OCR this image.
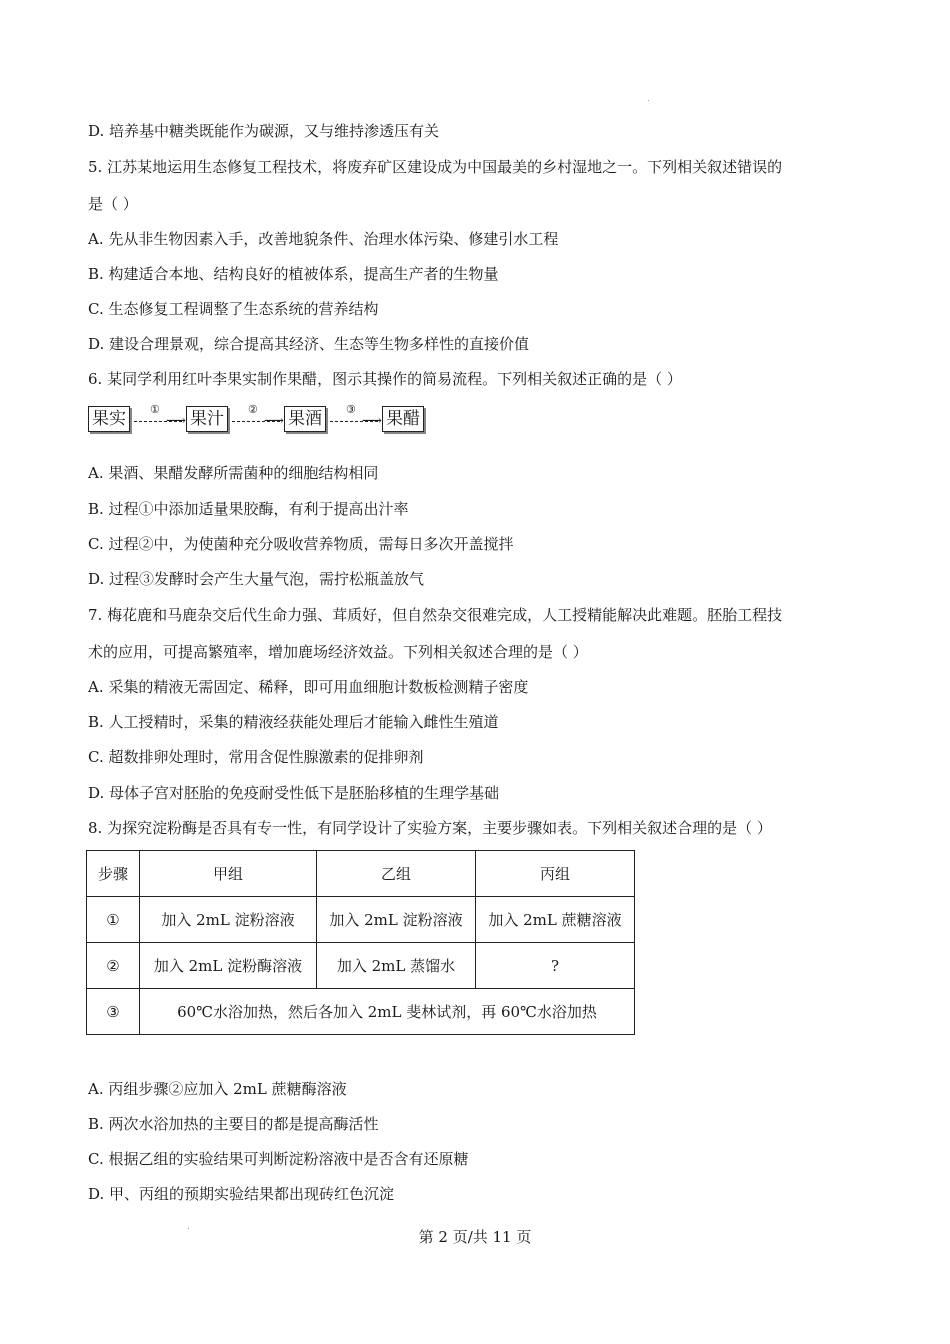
D. 培养基中糖类既能作为碳源，又与维持渗透压有关
5. 江苏某地运用生态修复工程技术，将废弃矿区建设成为中国最美的乡村湿地之一。下列相关叙述错误的
是（ ）
A. 先从非生物因素入手，改善地貌条件、治理水体污染、修建引水工程
B. 构建适合本地、结构良好的植被体系，提高生产者的生物量
C. 生态修复工程调整了生态系统的营养结构
D. 建设合理景观，综合提高其经济、生态等生物多样性的直接价值
6. 某同学利用红叶李果实制作果醋，图示其操作的简易流程。下列相关叙述正确的是（ ）
A. 果酒、果醋发酵所需菌种的细胞结构相同
B. 过程①中添加适量果胶酶，有利于提高出汁率
C. 过程②中，为使菌种充分吸收营养物质，需每日多次开盖搅拌
D. 过程③发酵时会产生大量气泡，需拧松瓶盖放气
7. 梅花鹿和马鹿杂交后代生命力强、茸质好，但自然杂交很难完成，人工授精能解决此难题。胚胎工程技
术的应用，可提高繁殖率，增加鹿场经济效益。下列相关叙述合理的是（ ）
A. 采集的精液无需固定、稀释，即可用血细胞计数板检测精子密度
B. 人工授精时，采集的精液经获能处理后才能输入雌性生殖道
C. 超数排卵处理时，常用含促性腺激素的促排卵剂
D. 母体子宫对胚胎的免疫耐受性低下是胚胎移植的生理学基础
8. 为探究淀粉酶是否具有专一性，有同学设计了实验方案，主要步骤如表。下列相关叙述合理的是（ ）
A. 丙组步骤②应加入 2mL 蔗糖酶溶液
B. 两次水浴加热的主要目的都是提高酶活性
C. 根据乙组的实验结果可判断淀粉溶液中是否含有还原糖
D. 甲、丙组的预期实验结果都出现砖红色沉淀
果实	①
⟶ 果汁	②
⟶ 果酒	③
⟶ 果醋
步骤	甲组	乙组	丙组
①	加入 2mL 淀粉溶液	加入 2mL 淀粉溶液	加入 2mL 蔗糖溶液
②	加入 2mL 淀粉酶溶液	加入 2mL 蒸馏水	?
③	60℃水浴加热，然后各加入 2mL 斐林试剂，再 60℃水浴加热		
第 2 页/共 11 页
